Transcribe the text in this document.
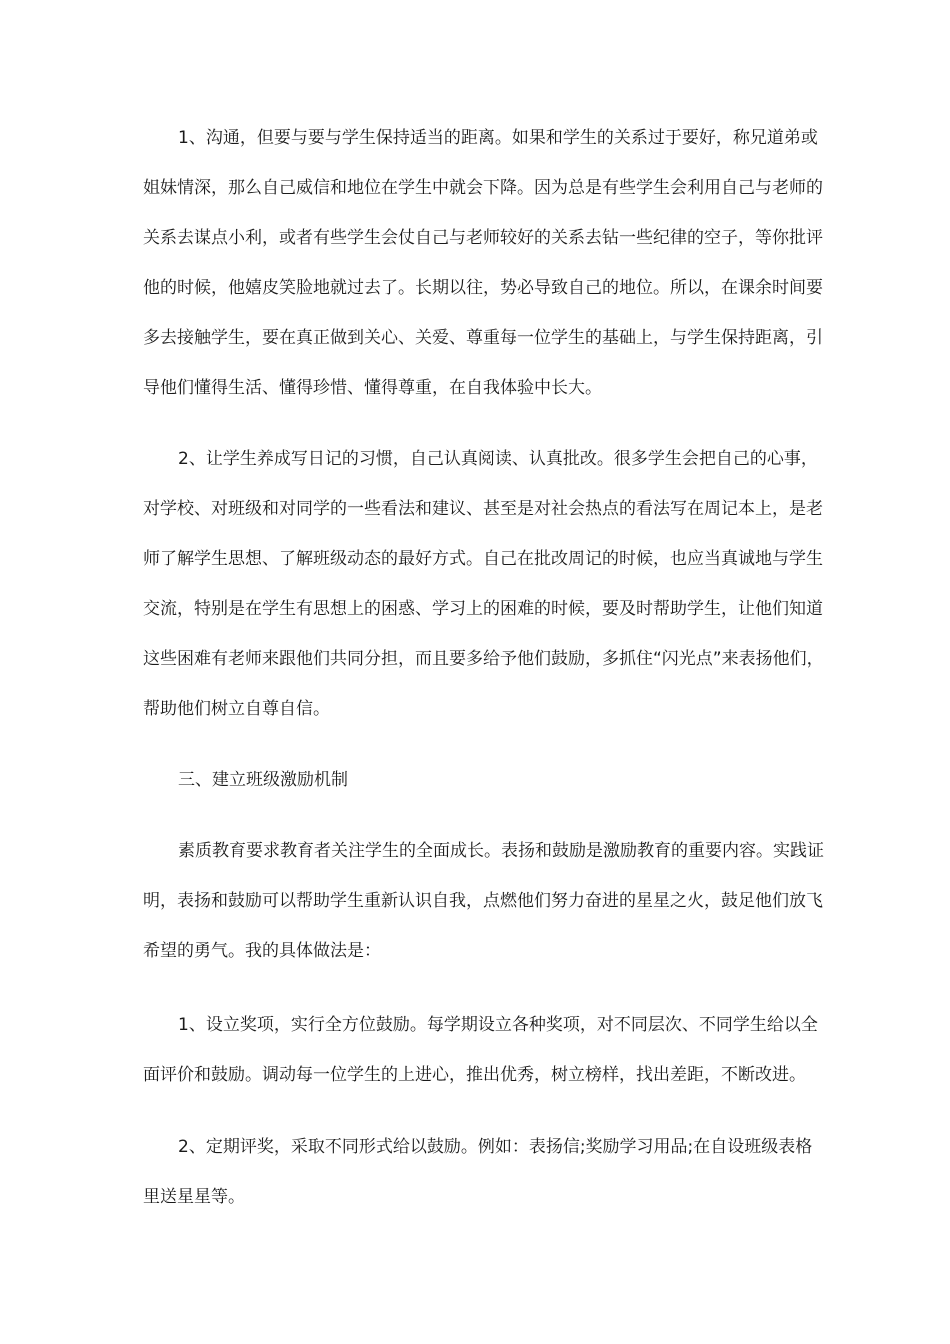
1、沟通，但要与要与学生保持适当的距离。如果和学生的关系过于要好，称兄道弟或
姐妹情深，那么自己威信和地位在学生中就会下降。因为总是有些学生会利用自己与老师的
关系去谋点小利，或者有些学生会仗自己与老师较好的关系去钻一些纪律的空子，等你批评
他的时候，他嬉皮笑脸地就过去了。长期以往，势必导致自己的地位。所以，在课余时间要
多去接触学生，要在真正做到关心、关爱、尊重每一位学生的基础上，与学生保持距离，引
导他们懂得生活、懂得珍惜、懂得尊重，在自我体验中长大。
2、让学生养成写日记的习惯，自己认真阅读、认真批改。很多学生会把自己的心事，
对学校、对班级和对同学的一些看法和建议、甚至是对社会热点的看法写在周记本上，是老
师了解学生思想、了解班级动态的最好方式。自己在批改周记的时候，也应当真诚地与学生
交流，特别是在学生有思想上的困惑、学习上的困难的时候，要及时帮助学生，让他们知道
这些困难有老师来跟他们共同分担，而且要多给予他们鼓励，多抓住“闪光点”来表扬他们，
帮助他们树立自尊自信。
三、建立班级激励机制
素质教育要求教育者关注学生的全面成长。表扬和鼓励是激励教育的重要内容。实践证
明，表扬和鼓励可以帮助学生重新认识自我，点燃他们努力奋进的星星之火，鼓足他们放飞
希望的勇气。我的具体做法是：
1、设立奖项，实行全方位鼓励。每学期设立各种奖项，对不同层次、不同学生给以全
面评价和鼓励。调动每一位学生的上进心，推出优秀，树立榜样，找出差距，不断改进。
2、定期评奖，采取不同形式给以鼓励。例如：表扬信;奖励学习用品;在自设班级表格
里送星星等。
